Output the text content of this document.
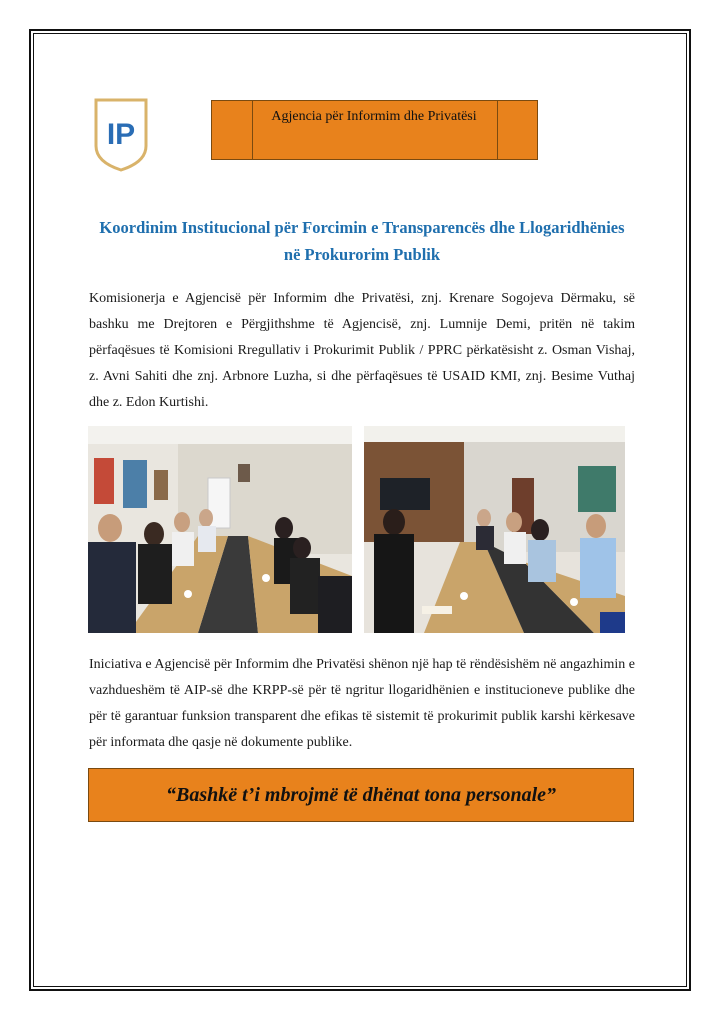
IP
Agjencia për Informim dhe Privatësi
Koordinim Institucional për Forcimin e Transparencës dhe Llogaridhënies
në Prokurorim Publik
Komisionerja e Agjencisë për Informim dhe Privatësi, znj. Krenare Sogojeva Dërmaku, së bashku me Drejtoren e Përgjithshme të Agjencisë, znj. Lumnije Demi, pritën në takim përfaqësues të Komisioni Rregullativ i Prokurimit Publik / PPRC përkatësisht z. Osman Vishaj, z. Avni Sahiti dhe znj. Arbnore Luzha, si dhe përfaqësues të USAID KMI, znj. Besime Vuthaj dhe z. Edon Kurtishi.
Iniciativa e Agjencisë për Informim dhe Privatësi shënon një hap të rëndësishëm në angazhimin e vazhdueshëm të AIP-së dhe KRPP-së për të ngritur llogaridhënien e institucioneve publike dhe për të garantuar funksion transparent dhe efikas të sistemit të prokurimit publik karshi kërkesave për informata dhe qasje në dokumente publike.
“Bashkë t’i mbrojmë të dhënat tona personale”
